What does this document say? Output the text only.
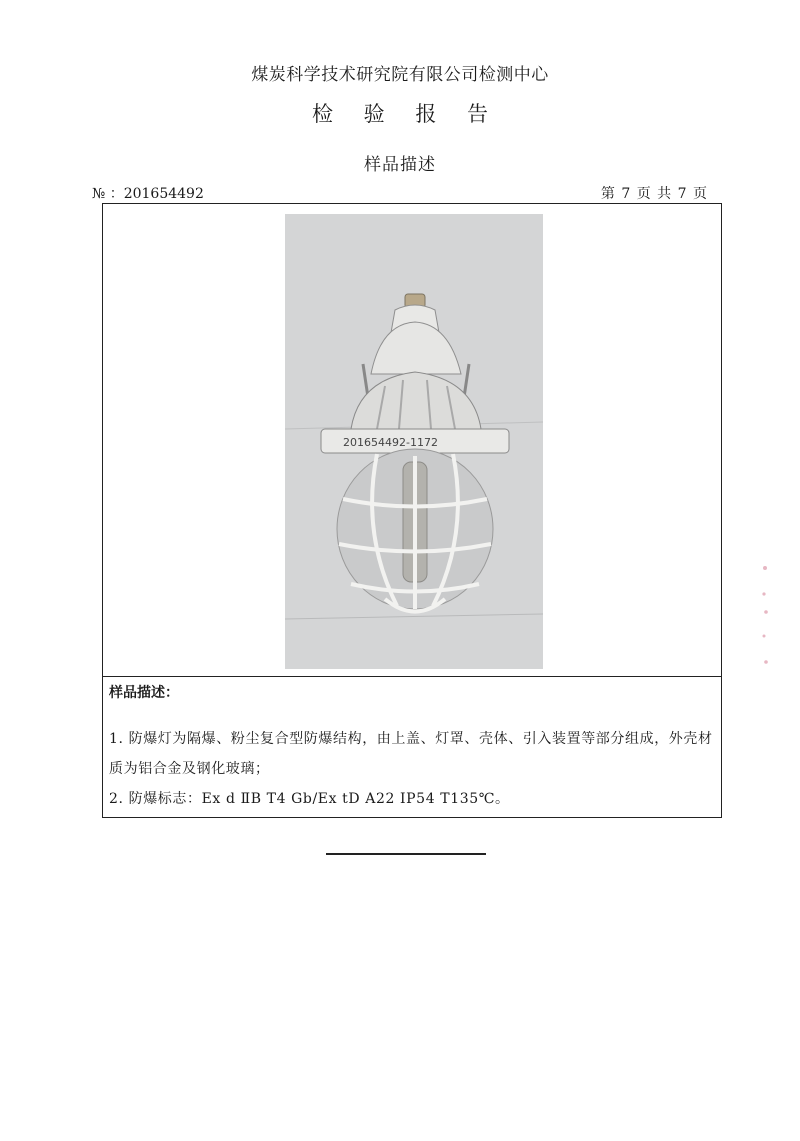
煤炭科学技术研究院有限公司检测中心
检 验 报 告
样品描述
№ ：201654492	第 7 页 共 7 页
201654492-1172
样品描述：

1. 防爆灯为隔爆、粉尘复合型防爆结构，由上盖、灯罩、壳体、引入装置等部分组成，外壳材质为铝合金及钢化玻璃；

2. 防爆标志：Ex d ⅡB T4 Gb/Ex tD A22 IP54 T135℃。
